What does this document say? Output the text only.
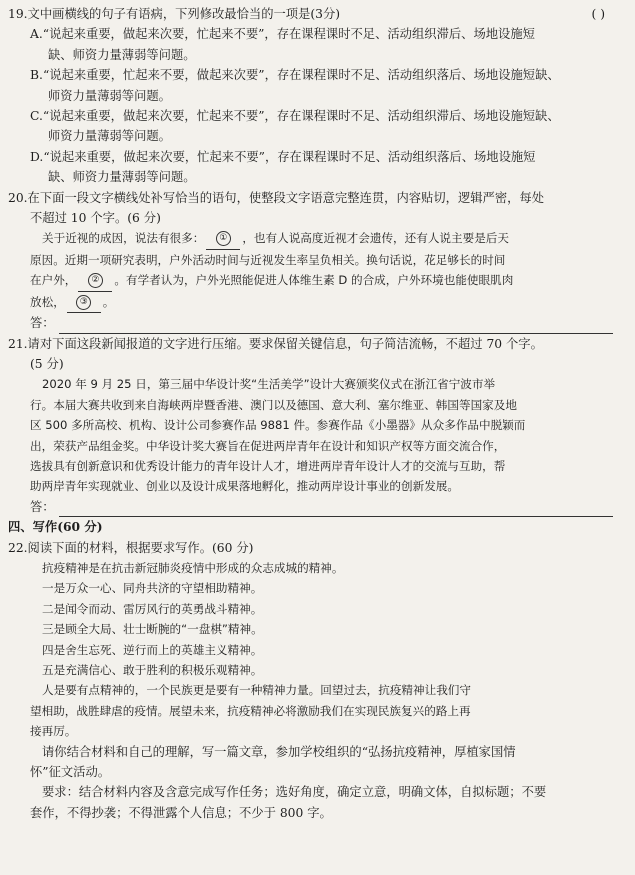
19.文中画横线的句子有语病，下列修改最恰当的一项是(3分)	( )
A.“说起来重要，做起来次要，忙起来不要”，存在课程课时不足、活动组织滞后、场地设施短
缺、师资力量薄弱等问题。
B.“说起来重要，忙起来不要，做起来次要”，存在课程课时不足、活动组织落后、场地设施短缺、
师资力量薄弱等问题。
C.“说起来重要，做起来次要，忙起来不要”，存在课程课时不足、活动组织滞后、场地设施短缺、
师资力量薄弱等问题。
D.“说起来重要，做起来次要，忙起来不要”，存在课程课时不足、活动组织落后、场地设施短
缺、师资力量薄弱等问题。
20.在下面一段文字横线处补写恰当的语句，使整段文字语意完整连贯，内容贴切，逻辑严密，每处
不超过 10 个字。(6 分)
关于近视的成因，说法有很多： ① ，也有人说高度近视才会遗传，还有人说主要是后天
原因。近期一项研究表明，户外活动时间与近视发生率呈负相关。换句话说，花足够长的时间
在户外， ② 。有学者认为，户外光照能促进人体维生素 D 的合成，户外环境也能使眼肌肉
放松， ③ 。
答：
21.请对下面这段新闻报道的文字进行压缩。要求保留关键信息，句子简洁流畅，不超过 70 个字。
(5 分)
2020 年 9 月 25 日，第三届中华设计奖“生活美学”设计大赛颁奖仪式在浙江省宁波市举
行。本届大赛共收到来自海峡两岸暨香港、澳门以及德国、意大利、塞尔维亚、韩国等国家及地
区 500 多所高校、机构、设计公司参赛作品 9881 件。参赛作品《小墨器》从众多作品中脱颖而
出，荣获产品组金奖。中华设计奖大赛旨在促进两岸青年在设计和知识产权等方面交流合作，
选拔具有创新意识和优秀设计能力的青年设计人才，增进两岸青年设计人才的交流与互助，帮
助两岸青年实现就业、创业以及设计成果落地孵化，推动两岸设计事业的创新发展。
答：
四、写作(60 分)
22.阅读下面的材料，根据要求写作。(60 分)
抗疫精神是在抗击新冠肺炎疫情中形成的众志成城的精神。
一是万众一心、同舟共济的守望相助精神。
二是闻令而动、雷厉风行的英勇战斗精神。
三是顾全大局、壮士断腕的“一盘棋”精神。
四是舍生忘死、逆行而上的英雄主义精神。
五是充满信心、敢于胜利的积极乐观精神。
人是要有点精神的，一个民族更是要有一种精神力量。回望过去，抗疫精神让我们守
望相助，战胜肆虐的疫情。展望未来，抗疫精神必将激励我们在实现民族复兴的路上再
接再厉。
请你结合材料和自己的理解，写一篇文章，参加学校组织的“弘扬抗疫精神，厚植家国情
怀”征文活动。
要求：结合材料内容及含意完成写作任务；选好角度，确定立意，明确文体，自拟标题；不要
套作，不得抄袭；不得泄露个人信息；不少于 800 字。
